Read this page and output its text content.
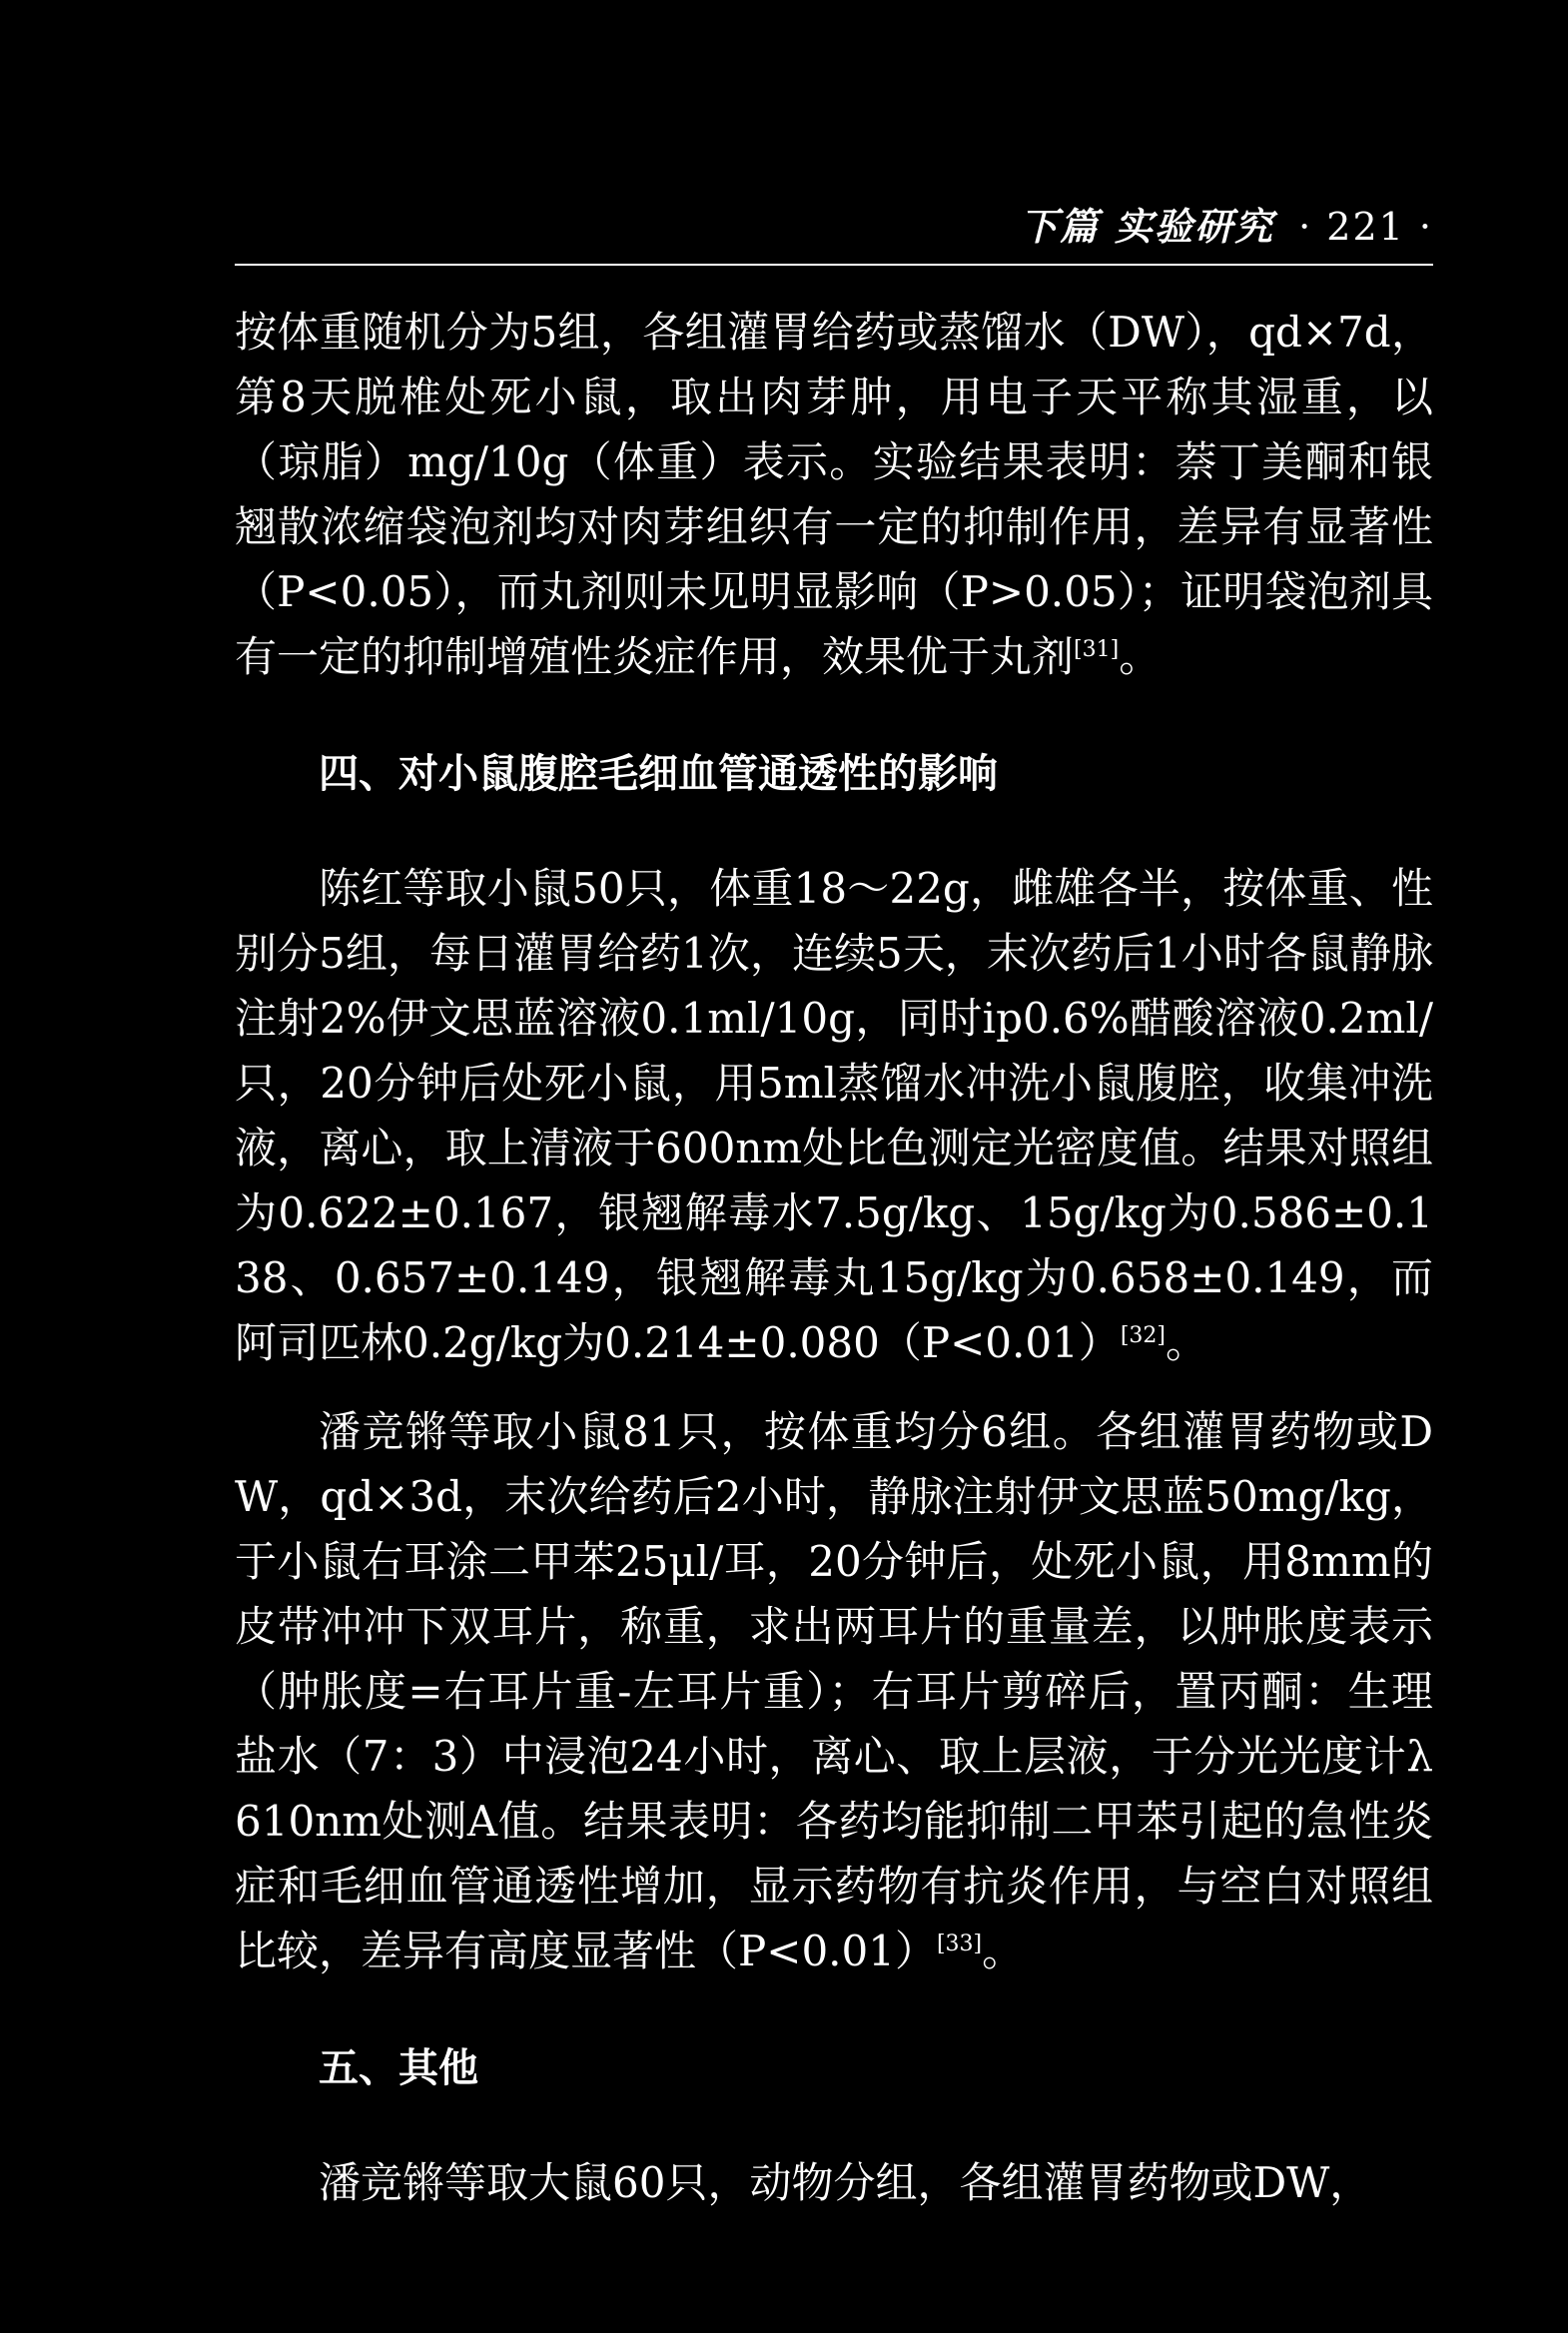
下篇 实验研究 · 221 ·

按体重随机分为5组，各组灌胃给药或蒸馏水（DW），qd×7d，第8天脱椎处死小鼠，取出肉芽肿，用电子天平称其湿重，以（琼脂）mg/10g（体重）表示。实验结果表明：萘丁美酮和银翘散浓缩袋泡剂均对肉芽组织有一定的抑制作用，差异有显著性（P<0.05），而丸剂则未见明显影响（P>0.05）；证明袋泡剂具有一定的抑制增殖性炎症作用，效果优于丸剂[31]。

四、对小鼠腹腔毛细血管通透性的影响

陈红等取小鼠50只，体重18～22g，雌雄各半，按体重、性别分5组，每日灌胃给药1次，连续5天，末次药后1小时各鼠静脉注射2%伊文思蓝溶液0.1ml/10g，同时ip0.6%醋酸溶液0.2ml/只，20分钟后处死小鼠，用5ml蒸馏水冲洗小鼠腹腔，收集冲洗液，离心，取上清液于600nm处比色测定光密度值。结果对照组为0.622±0.167，银翘解毒水7.5g/kg、15g/kg为0.586±0.138、0.657±0.149，银翘解毒丸15g/kg为0.658±0.149，而阿司匹林0.2g/kg为0.214±0.080（P<0.01）[32]。

潘竞锵等取小鼠81只，按体重均分6组。各组灌胃药物或DW，qd×3d，末次给药后2小时，静脉注射伊文思蓝50mg/kg，于小鼠右耳涂二甲苯25μl/耳，20分钟后，处死小鼠，用8mm的皮带冲冲下双耳片，称重，求出两耳片的重量差，以肿胀度表示（肿胀度=右耳片重-左耳片重）；右耳片剪碎后，置丙酮：生理盐水（7：3）中浸泡24小时，离心、取上层液，于分光光度计λ610nm处测A值。结果表明：各药均能抑制二甲苯引起的急性炎症和毛细血管通透性增加，显示药物有抗炎作用，与空白对照组比较，差异有高度显著性（P<0.01）[33]。

五、其他

潘竞锵等取大鼠60只，动物分组，各组灌胃药物或DW，
